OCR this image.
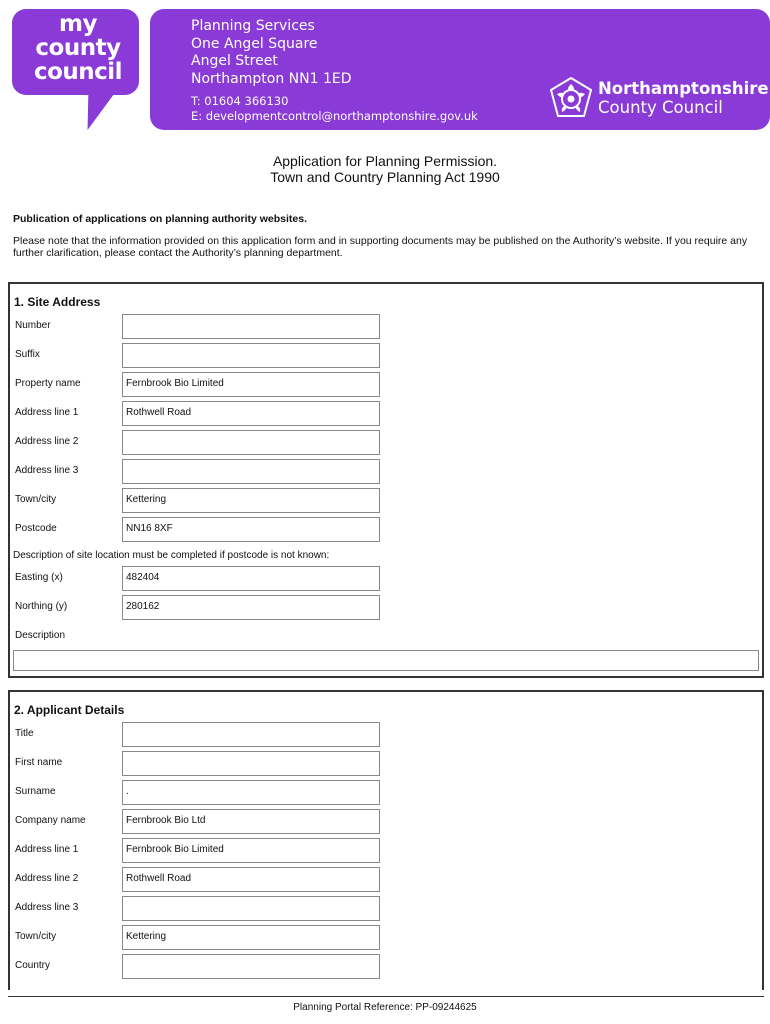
my
county
council
Planning Services
One Angel Square
Angel Street
Northampton NN1 1ED
T: 01604 366130
E: developmentcontrol@northamptonshire.gov.uk
Northamptonshire
County Council
Application for Planning Permission.
Town and Country Planning Act 1990
Publication of applications on planning authority websites.
Please note that the information provided on this application form and in supporting documents may be published on the Authority’s website. If you require any further clarification, please contact the Authority’s planning department.
1. Site Address
Number
Suffix
Property name	Fernbrook Bio Limited
Address line 1	Rothwell Road
Address line 2
Address line 3
Town/city	Kettering
Postcode	NN16 8XF
Description of site location must be completed if postcode is not known:
Easting (x)	482404
Northing (y)	280162
Description
2. Applicant Details
Title
First name
Surname	.
Company name	Fernbrook Bio Ltd
Address line 1	Fernbrook Bio Limited
Address line 2	Rothwell Road
Address line 3
Town/city	Kettering
Country
Planning Portal Reference: PP-09244625
